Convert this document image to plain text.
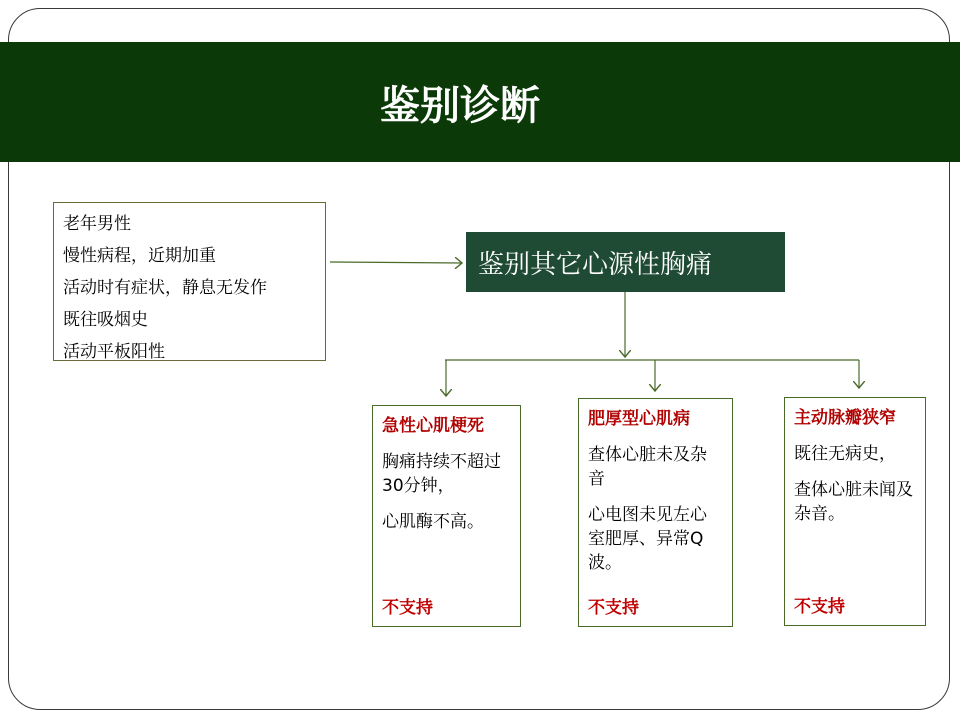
鉴别诊断
老年男性
慢性病程，近期加重
活动时有症状，静息无发作
既往吸烟史
活动平板阳性
鉴别其它心源性胸痛
急性心肌梗死
胸痛持续不超过 30分钟，
心肌酶不高。
不支持
肥厚型心肌病
查体心脏未及杂音
心电图未见左心室肥厚、异常Q波。
不支持
主动脉瓣狭窄
既往无病史，
查体心脏未闻及杂音。
不支持
